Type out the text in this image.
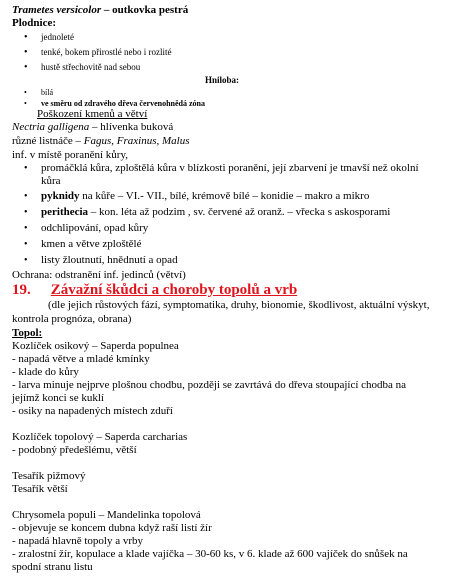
Trametes versicolor – outkovka pestrá
Plodnice:
• jednoleté
• tenké, bokem přirostlé nebo i rozlité
• hustě střechovitě nad sebou
Hniloba:
• bílá
• ve směru od zdravého dřeva červenohnědá zóna
Poškození kmenů a větví
Nectria galligena – hlívenka buková
různé listnáče – Fagus, Fraxinus, Malus
inf. v místě poranění kůry,
• promáčklá kůra, zploštělá kůra v blízkosti poranění, její zbarvení je tmavší než okolní
kůra
• pyknidy na kůře – VI.- VII., bílé, krémově bílé – konidie – makro a mikro
• perithecia – kon. léta až podzim , sv. červené až oranž. – vřecka s askosporami
• odchlipování, opad kůry
• kmen a větve zploštělé
• listy žloutnutí, hnědnutí a opad
Ochrana: odstranění inf. jedinců (větví)
19. Závažní škůdci a choroby topolů a vrb
(dle jejich růstových fází, symptomatika, druhy, bionomie, škodlivost, aktuální výskyt,
kontrola prognóza, obrana)
Topol:
Kozlíček osikový – Saperda populnea
- napadá větve a mladé kmínky
- klade do kůry
- larva minuje nejprve plošnou chodbu, později se zavrtává do dřeva stoupající chodba na
jejímž konci se kuklí
- osiky na napadených místech zduří
Kozlíček topolový – Saperda carcharias
- podobný předešlému, větší
Tesařík pižmový
Tesařík větší
Chrysomela populi – Mandelinka topolová
- objevuje se koncem dubna když raší listí žír
- napadá hlavně topoly a vrby
- zralostní žír, kopulace a klade vajíčka – 30-60 ks, v 6. klade až 600 vajíček do snůšek na
spodní stranu listu
